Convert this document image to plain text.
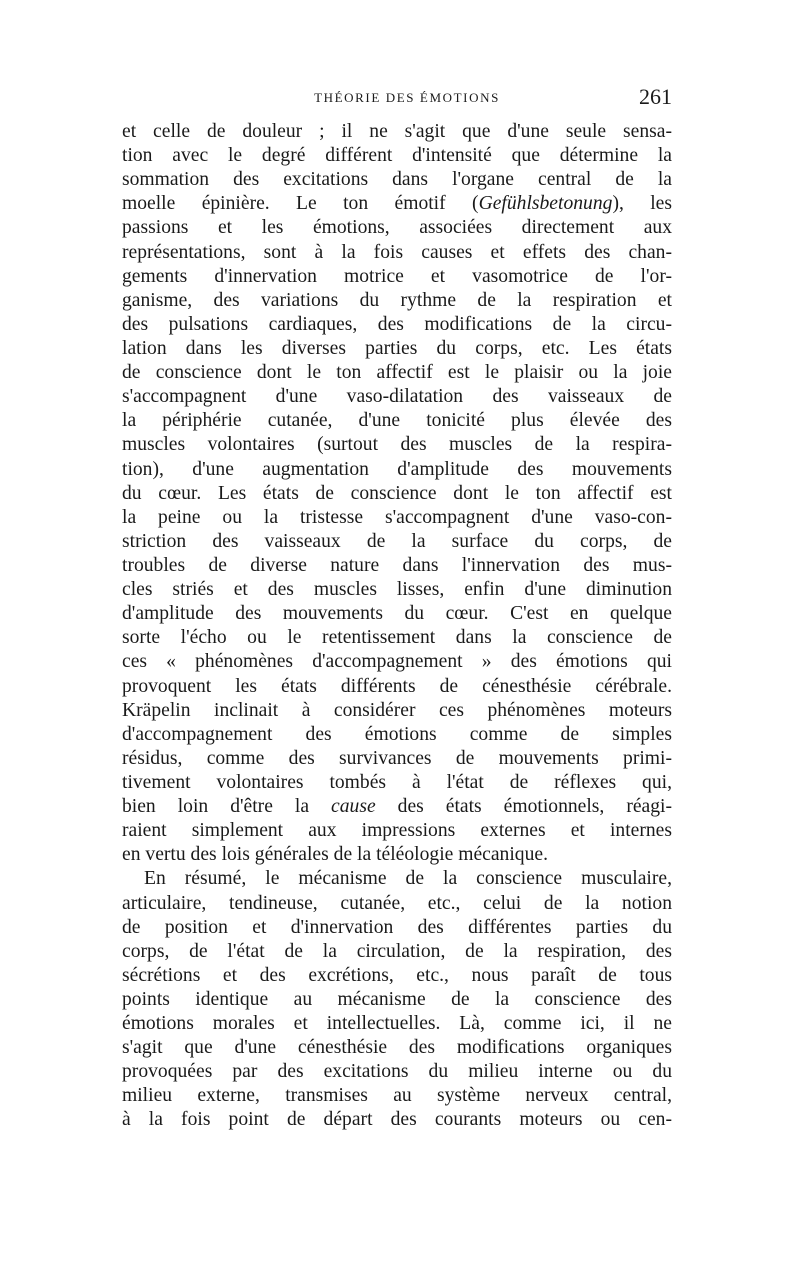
THÉORIE DES ÉMOTIONS	261
et celle de douleur ; il ne s'agit que d'une seule sensa-
tion avec le degré différent d'intensité que détermine la
sommation des excitations dans l'organe central de la
moelle épinière. Le ton émotif (Gefühlsbetonung), les
passions et les émotions, associées directement aux
représentations, sont à la fois causes et effets des chan-
gements d'innervation motrice et vasomotrice de l'or-
ganisme, des variations du rythme de la respiration et
des pulsations cardiaques, des modifications de la circu-
lation dans les diverses parties du corps, etc. Les états
de conscience dont le ton affectif est le plaisir ou la joie
s'accompagnent d'une vaso-dilatation des vaisseaux de
la périphérie cutanée, d'une tonicité plus élevée des
muscles volontaires (surtout des muscles de la respira-
tion), d'une augmentation d'amplitude des mouvements
du cœur. Les états de conscience dont le ton affectif est
la peine ou la tristesse s'accompagnent d'une vaso-con-
striction des vaisseaux de la surface du corps, de
troubles de diverse nature dans l'innervation des mus-
cles striés et des muscles lisses, enfin d'une diminution
d'amplitude des mouvements du cœur. C'est en quelque
sorte l'écho ou le retentissement dans la conscience de
ces « phénomènes d'accompagnement » des émotions qui
provoquent les états différents de cénesthésie cérébrale.
Kräpelin inclinait à considérer ces phénomènes moteurs
d'accompagnement des émotions comme de simples
résidus, comme des survivances de mouvements primi-
tivement volontaires tombés à l'état de réflexes qui,
bien loin d'être la cause des états émotionnels, réagi-
raient simplement aux impressions externes et internes
en vertu des lois générales de la téléologie mécanique.
En résumé, le mécanisme de la conscience musculaire,
articulaire, tendineuse, cutanée, etc., celui de la notion
de position et d'innervation des différentes parties du
corps, de l'état de la circulation, de la respiration, des
sécrétions et des excrétions, etc., nous paraît de tous
points identique au mécanisme de la conscience des
émotions morales et intellectuelles. Là, comme ici, il ne
s'agit que d'une cénesthésie des modifications organiques
provoquées par des excitations du milieu interne ou du
milieu externe, transmises au système nerveux central,
à la fois point de départ des courants moteurs ou cen-
